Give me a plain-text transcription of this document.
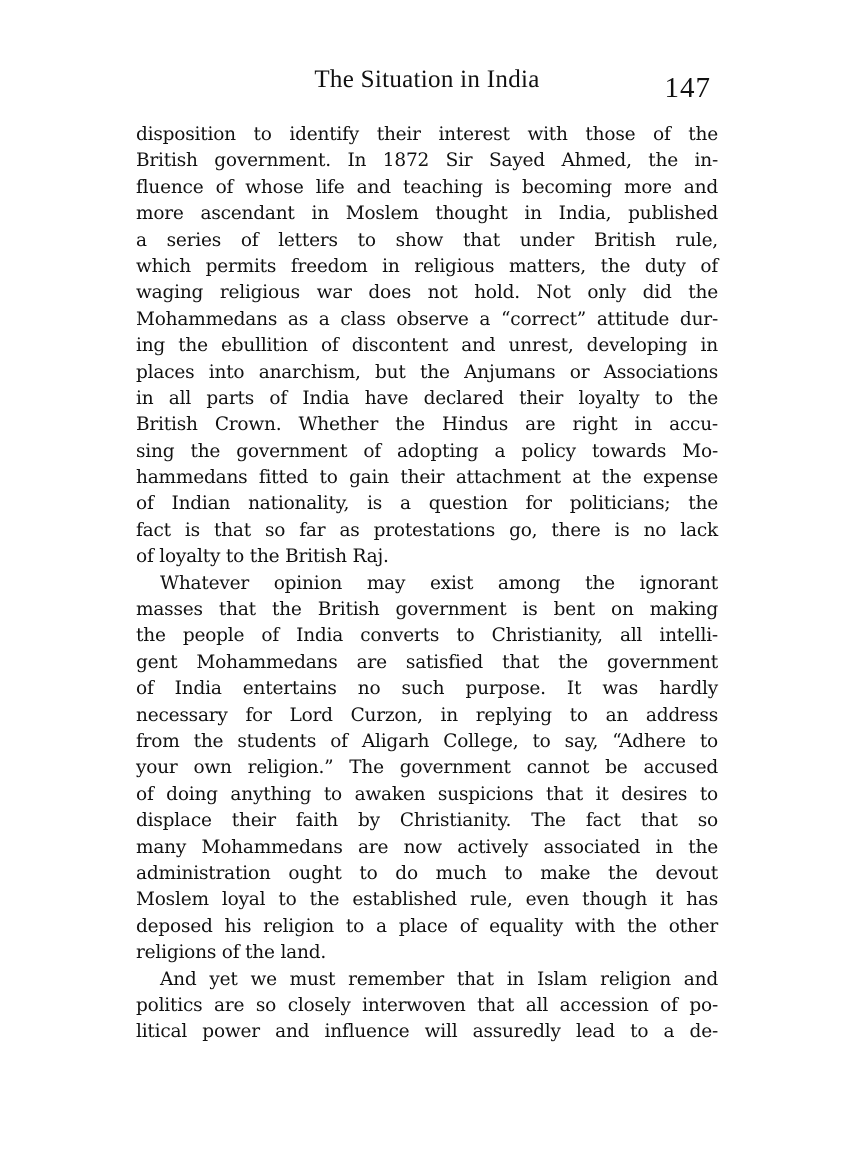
The Situation in India	147
disposition to identify their interest with those of the
British government. In 1872 Sir Sayed Ahmed, the in-
fluence of whose life and teaching is becoming more and
more ascendant in Moslem thought in India, published
a series of letters to show that under British rule,
which permits freedom in religious matters, the duty of
waging religious war does not hold. Not only did the
Mohammedans as a class observe a “correct” attitude dur-
ing the ebullition of discontent and unrest, developing in
places into anarchism, but the Anjumans or Associations
in all parts of India have declared their loyalty to the
British Crown. Whether the Hindus are right in accu-
sing the government of adopting a policy towards Mo-
hammedans fitted to gain their attachment at the expense
of Indian nationality, is a question for politicians; the
fact is that so far as protestations go, there is no lack
of loyalty to the British Raj.
Whatever opinion may exist among the ignorant
masses that the British government is bent on making
the people of India converts to Christianity, all intelli-
gent Mohammedans are satisfied that the government
of India entertains no such purpose. It was hardly
necessary for Lord Curzon, in replying to an address
from the students of Aligarh College, to say, “Adhere to
your own religion.” The government cannot be accused
of doing anything to awaken suspicions that it desires to
displace their faith by Christianity. The fact that so
many Mohammedans are now actively associated in the
administration ought to do much to make the devout
Moslem loyal to the established rule, even though it has
deposed his religion to a place of equality with the other
religions of the land.
And yet we must remember that in Islam religion and
politics are so closely interwoven that all accession of po-
litical power and influence will assuredly lead to a de-
